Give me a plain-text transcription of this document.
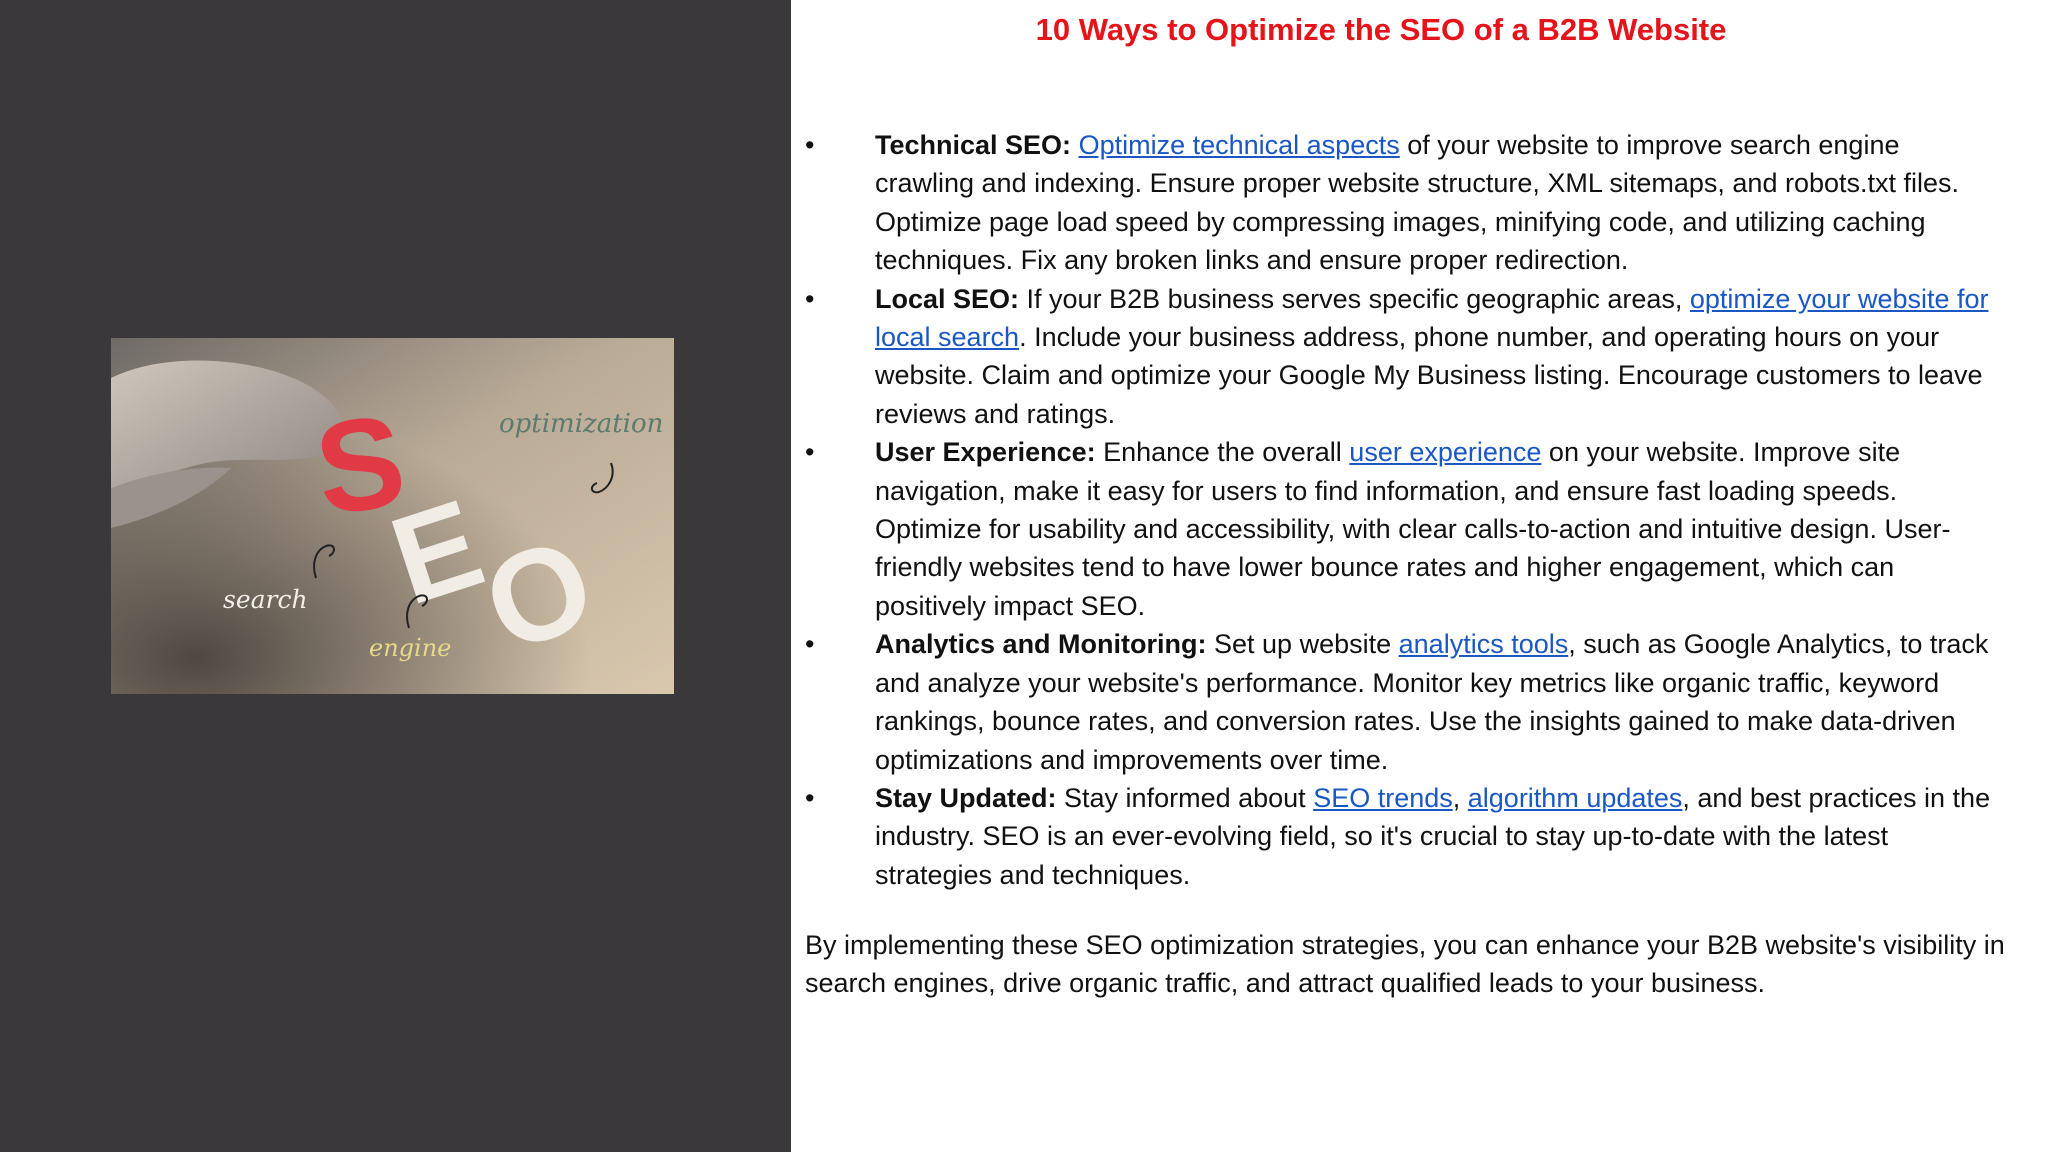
S
E
O
optimization
search
engine
10 Ways to Optimize the SEO of a B2B Website
•	Technical SEO: Optimize technical aspects of your website to improve search engine crawling and indexing. Ensure proper website structure, XML sitemaps, and robots.txt files. Optimize page load speed by compressing images, minifying code, and utilizing caching techniques. Fix any broken links and ensure proper redirection.
•	Local SEO: If your B2B business serves specific geographic areas, optimize your website for local search. Include your business address, phone number, and operating hours on your website. Claim and optimize your Google My Business listing. Encourage customers to leave reviews and ratings.
•	User Experience: Enhance the overall user experience on your website. Improve site navigation, make it easy for users to find information, and ensure fast loading speeds. Optimize for usability and accessibility, with clear calls-to-action and intuitive design. User-friendly websites tend to have lower bounce rates and higher engagement, which can positively impact SEO.
•	Analytics and Monitoring: Set up website analytics tools, such as Google Analytics, to track and analyze your website's performance. Monitor key metrics like organic traffic, keyword rankings, bounce rates, and conversion rates. Use the insights gained to make data-driven optimizations and improvements over time.
•	Stay Updated: Stay informed about SEO trends, algorithm updates, and best practices in the industry. SEO is an ever-evolving field, so it's crucial to stay up-to-date with the latest strategies and techniques.

By implementing these SEO optimization strategies, you can enhance your B2B website's visibility in search engines, drive organic traffic, and attract qualified leads to your business.
